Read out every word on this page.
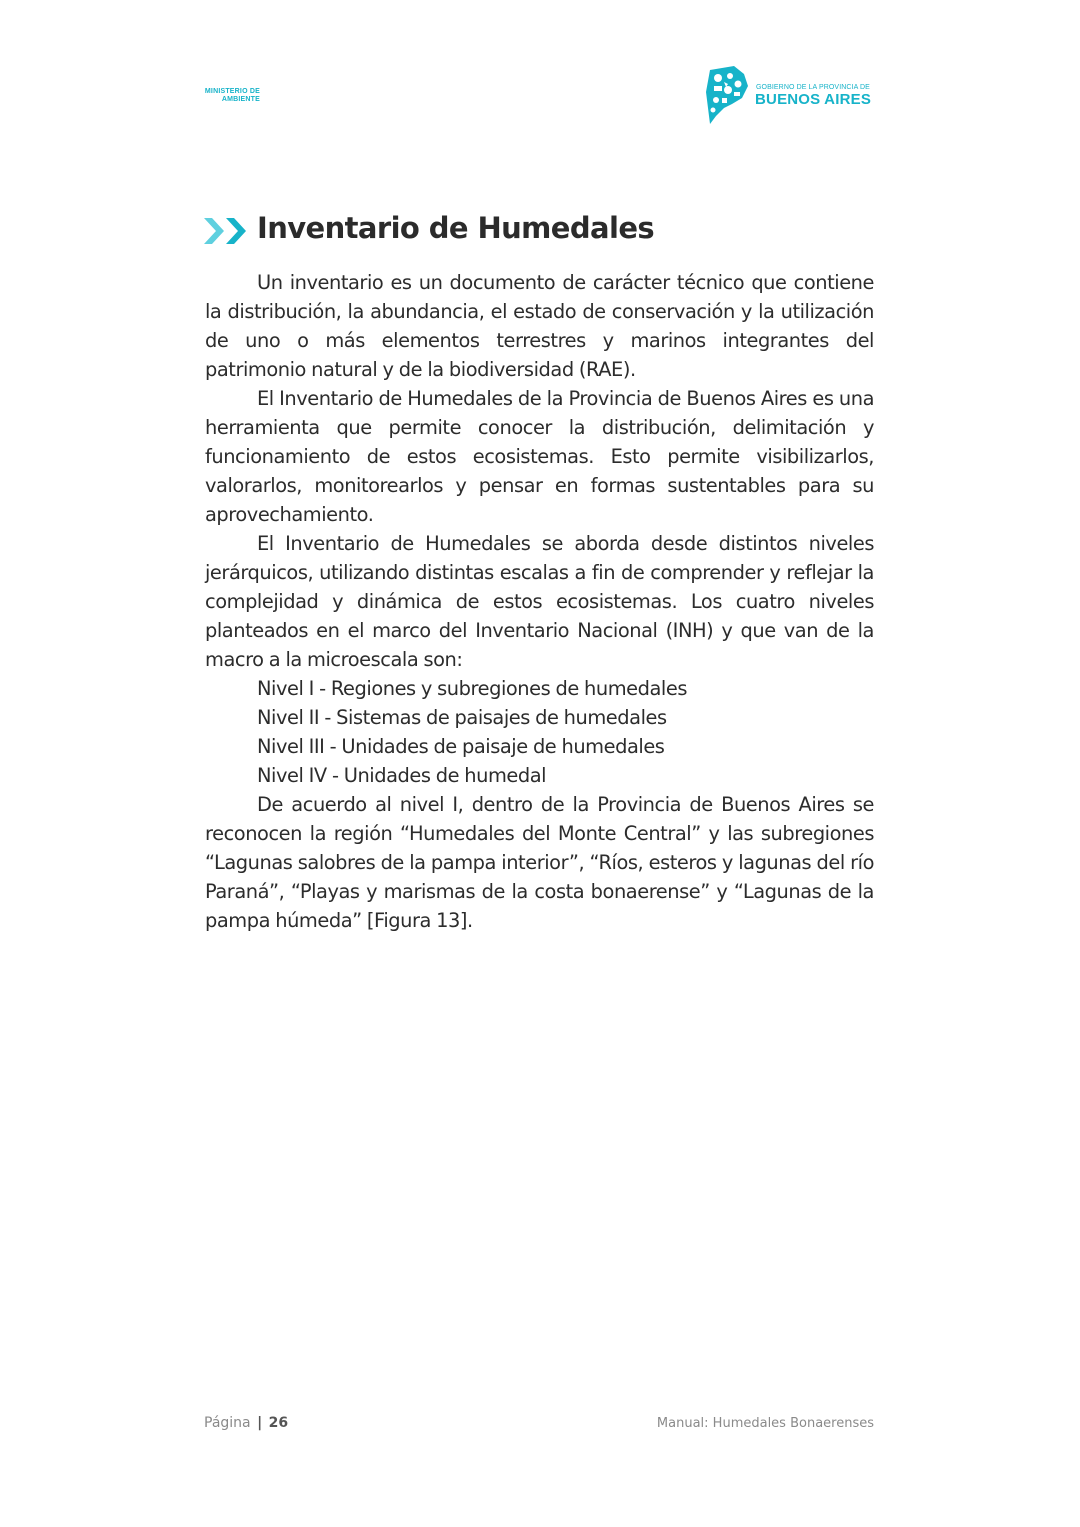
MINISTERIO DE
AMBIENTE
GOBIERNO DE LA PROVINCIA DE
BUENOS AIRES
Inventario de Humedales

Un inventario es un documento de carácter técnico que contiene la distribución, la abundancia, el estado de conservación y la utilización de uno o más elementos terrestres y marinos integrantes del patrimonio natural y de la biodiversidad (RAE).

El Inventario de Humedales de la Provincia de Buenos Aires es una herramienta que permite conocer la distribución, delimitación y funcionamiento de estos ecosistemas. Esto permite visibilizarlos, valorarlos, monitorearlos y pensar en formas sustentables para su aprovechamiento.

El Inventario de Humedales se aborda desde distintos niveles jerárquicos, utilizando distintas escalas a fin de comprender y reflejar la complejidad y dinámica de estos ecosistemas. Los cuatro niveles planteados en el marco del Inventario Nacional (INH) y que van de la macro a la microescala son:

Nivel I - Regiones y subregiones de humedales
Nivel II - Sistemas de paisajes de humedales
Nivel III - Unidades de paisaje de humedales
Nivel IV - Unidades de humedal

De acuerdo al nivel I, dentro de la Provincia de Buenos Aires se reconocen la región “Humedales del Monte Central” y las subregiones “Lagunas salobres de la pampa interior”, “Ríos, esteros y lagunas del río Paraná”, “Playas y marismas de la costa bonaerense” y “Lagunas de la pampa húmeda” [Figura 13].

Página | 26	Manual: Humedales Bonaerenses
